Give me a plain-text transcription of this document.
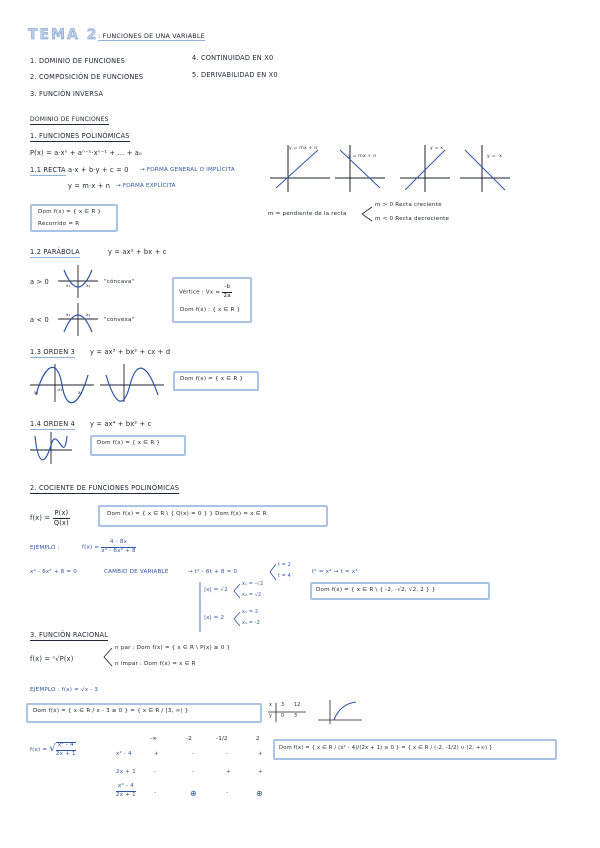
TEMA 2 : FUNCIONES DE UNA VARIABLE
1. DOMINIO DE FUNCIONES
2. COMPOSICIÓN DE FUNCIONES
3. FUNCIÓN INVERSA
4. CONTINUIDAD EN X0
5. DERIVABILIDAD EN X0
DOMINIO DE FUNCIONES
1. FUNCIONES POLINÓMICAS
P(x) = a·xⁿ + aⁿ⁻¹·xⁿ⁻¹ + ... + a₀
1.1 RECTA a·x + b·y + c = 0 → FORMA GENERAL O IMPLÍCITA
y = m·x + n → FORMA EXPLÍCITA
Dom f(x) = { x ∈ R }
Recorrido = R
y = mx + n
y = mx + n
y = x
y = -x
m = pendiente de la recta
m > 0 Recta creciente
m < 0 Recta decreciente
1.2 PARÁBOLA	y = ax² + bx + c
a > 0
a < 0
x₁	x₂
x₁	x₂
"cóncava"
"convexa"
Vértice : $Vx = \frac{-b}{2a}$
Dom f(x) : { x ∈ R }
1.3 ORDEN 3 y = ax³ + bx² + cx + d
x₁
x₂
x₃
Dom f(x) = { x ∈ R }
1.4 ORDEN 4 y = ax⁴ + bx² + c
Dom f(x) = { x ∈ R }
2. COCIENTE DE FUNCIONES POLINÓMICAS
$f(x) = \frac{P(x)}{Q(x)}$	Dom f(x) = { x ∈ R \ { Q(x) = 0 } } Dom f(x) = x ∈ R
EJEMPLO :	$f(x) = \frac{4 - 8x}{\text{x⁴ - 6x² + 8}}$
x⁴ - 6x² + 8 = 0	CAMBIO DE VARIABLE	→ t² - 6t + 8 = 0
t = 2
t = 4
t² = x⁴ → t = x²
|x| = √2
x₁ = -√2
x₂ = √2
|x| = 2
x₃ = 2
x₄ = -2
Dom f(x) = { x ∈ R \ { -2, -√2, √2, 2 } }
3. FUNCIÓN RACIONAL
f(x) = ⁿ√P(x)
n par : Dom f(x) = { x ∈ R \ P(x) ≥ 0 }
n impar : Dom f(x) = x ∈ R
EJEMPLO : f(x) = √x - 3
Dom f(x) = { x ∈ R / x - 3 ≥ 0 } = { x ∈ R / [3, ∞) }
x 3 12
y 0 3
f(x) = √ $\frac{\text{x² - 4}}{2x + 1}$
-∞	-2	-1/2	2
x² - 4	+	-	-	+
2x + 1	-	-	+	+
$\frac{\text{x² - 4}}{2x + 1}$	-	⊕	-	⊕
Dom f(x) = { x ∈ R / (x² - 4)/(2x + 1) ≥ 0 } = { x ∈ R / (-2, -1/2) ∪ (2, +∞) }
